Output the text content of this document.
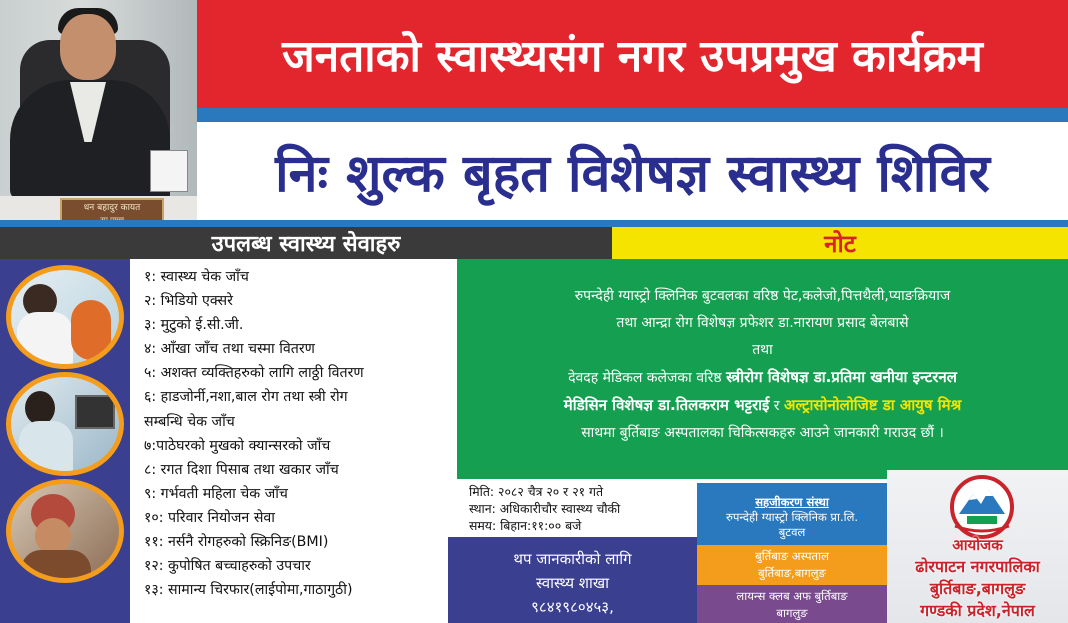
धन बहादुर कायत
जनताको स्वास्थ्यसंग नगर उपप्रमुख कार्यक्रम
निः शुल्क बृहत विशेषज्ञ स्वास्थ्य शिविर
उपलब्ध स्वास्थ्य सेवाहरु	नोट
१: स्वास्थ्य चेक जाँच
२: भिडियो एक्सरे
३: मुटुको ई.सी.जी.
४: आँखा जाँच तथा चस्मा वितरण
५: अशक्त व्यक्तिहरुको लागि लाठ्ठी वितरण
६: हाडजोर्नी,नशा,बाल रोग तथा स्त्री रोग
सम्बन्धि चेक जाँच
७:पाठेघरको मुखको क्यान्सरको जाँच
८: रगत दिशा पिसाब तथा खकार जाँच
९: गर्भवती महिला चेक जाँच
१०: परिवार नियोजन सेवा
११: नर्सनै रोगहरुको स्क्रिनिङ(BMI)
१२: कुपोषित बच्चाहरुको उपचार
१३: सामान्य चिरफार(लाईपोमा,गाठागुठी)
रुपन्देही ग्यास्ट्रो क्लिनिक बुटवलका वरिष्ठ पेट,कलेजो,पित्तथैली,प्याङक्रियाज
तथा आन्द्रा रोग विशेषज्ञ प्रफेशर डा.नारायण प्रसाद बेलबासे
तथा
देवदह मेडिकल कलेजका वरिष्ठ स्त्रीरोग विशेषज्ञ डा.प्रतिमा खनीया इन्टरनल
मेडिसिन विशेषज्ञ डा.तिलकराम भट्टराई र अल्ट्रासोनोलोजिष्ट डा आयुष मिश्र
साथमा बुर्तिबाङ अस्पतालका चिकित्सकहरु आउने जानकारी गराउद छौं ।
मिति: २०८२ चैत्र २० र २१ गते
स्थान: अधिकारीचौर स्वास्थ्य चौकी
समय: बिहान:११:०० बजे
थप जानकारीको लागि
स्वास्थ्य शाखा
९८४१९८०४५३,
सहजीकरण संस्था
रुपन्देही ग्यास्ट्रो क्लिनिक प्रा.लि.
बुटवल
बुर्तिबाङ अस्पताल
बुर्तिबाङ,बागलुङ
लायन्स क्लब अफ बुर्तिबाङ
बागलुङ
आयोजक
ढोरपाटन नगरपालिका
बुर्तिबाङ,बागलुङ
गण्डकी प्रदेश,नेपाल
